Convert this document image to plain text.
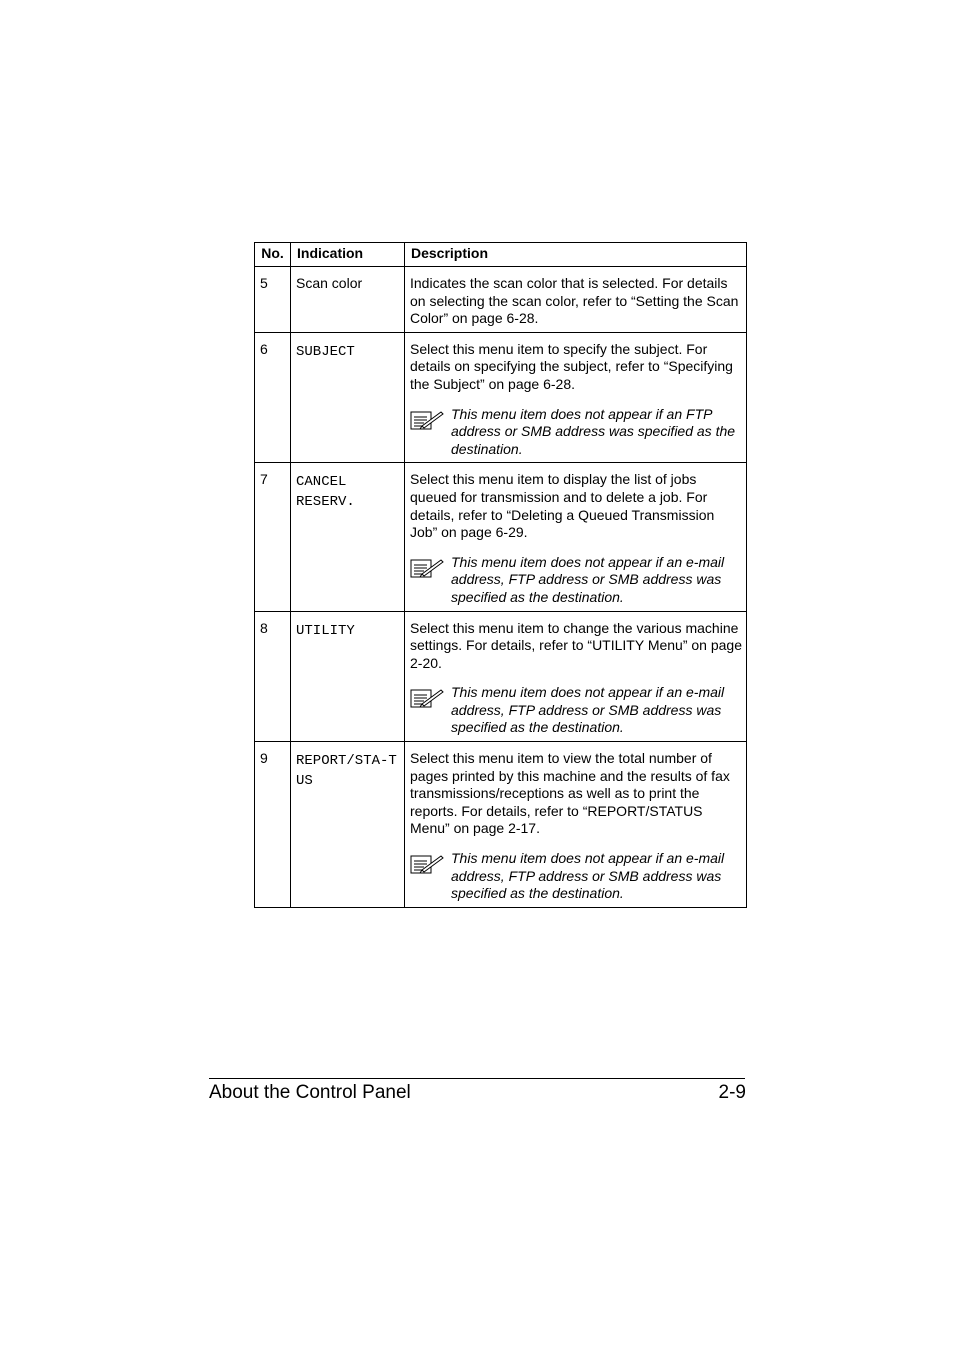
No.	Indication	Description
5	Scan color	Indicates the scan color that is selected. For details on selecting the scan color, refer to “Setting the Scan Color” on page 6-28.

6	SUBJECT	Select this menu item to specify the subject. For details on specifying the subject, refer to “Specifying the Subject” on page 6-28.
This menu item does not appear if an FTP address or SMB address was specified as the destination.

7	CANCEL RESERV.	Select this menu item to display the list of jobs queued for transmission and to delete a job. For details, refer to “Deleting a Queued Transmission Job” on page 6-29.
This menu item does not appear if an e-mail address, FTP address or SMB address was specified as the destination.

8	UTILITY	Select this menu item to change the various machine settings. For details, refer to “UTILITY Menu” on page 2-20.
This menu item does not appear if an e-mail address, FTP address or SMB address was specified as the destination.

9	REPORT/STA-TUS	Select this menu item to view the total number of pages printed by this machine and the results of fax transmissions/receptions as well as to print the reports. For details, refer to “REPORT/STATUS Menu” on page 2-17.
This menu item does not appear if an e-mail address, FTP address or SMB address was specified as the destination.
About the Control Panel	2-9
